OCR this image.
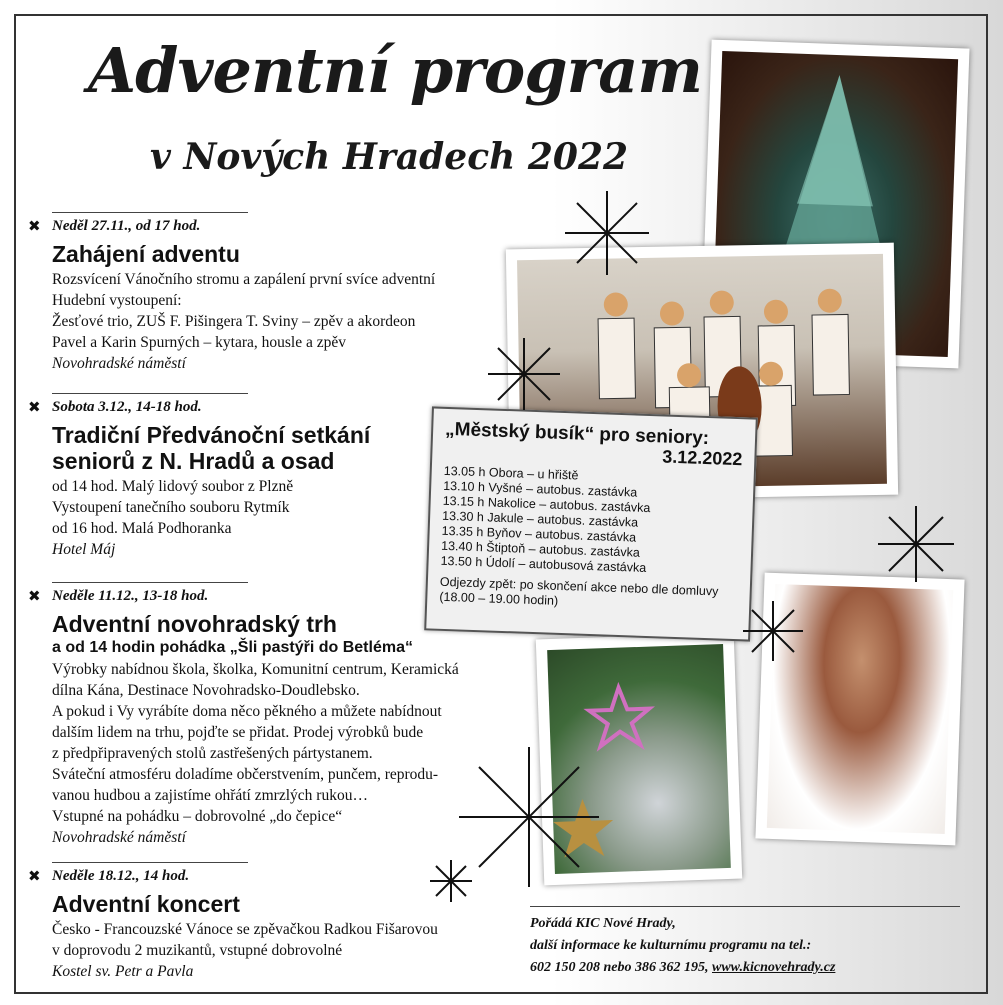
Adventní program
v Nových Hradech 2022
✖ Neděl 27.11., od 17 hod.
Zahájení adventu
Rozsvícení Vánočního stromu a zapálení první svíce adventní
Hudební vystoupení:
Žesťové trio, ZUŠ F. Pišingera T. Sviny – zpěv a akordeon
Pavel a Karin Spurných – kytara, housle a zpěv
Novohradské náměstí
✖ Sobota 3.12., 14-18 hod.
Tradiční Předvánoční setkání
seniorů z N. Hradů a osad
od 14 hod. Malý lidový soubor z Plzně
Vystoupení tanečního souboru Rytmík
od 16 hod. Malá Podhoranka
Hotel Máj
✖ Neděle 11.12., 13-18 hod.
Adventní novohradský trh
a od 14 hodin pohádka „Šli pastýři do Betléma“
Výrobky nabídnou škola, školka, Komunitní centrum, Keramická
dílna Kána, Destinace Novohradsko-Doudlebsko.
A pokud i Vy vyrábíte doma něco pěkného a můžete nabídnout
dalším lidem na trhu, pojďte se přidat. Prodej výrobků bude
z předpřipravených stolů zastřešených pártystanem.
Sváteční atmosféru doladíme občerstvením, punčem, reprodu-
vanou hudbou a zajistíme ohřátí zmrzlých rukou…
Vstupné na pohádku – dobrovolné „do čepice“
Novohradské náměstí
✖ Neděle 18.12., 14 hod.
Adventní koncert
Česko - Francouzské Vánoce se zpěvačkou Radkou Fišarovou
v doprovodu 2 muzikantů, vstupné dobrovolné
Kostel sv. Petr a Pavla
„Městský busík“ pro seniory:
3.12.2022
13.05 h Obora – u hřiště
13.10 h Vyšné – autobus. zastávka
13.15 h Nakolice – autobus. zastávka
13.30 h Jakule – autobus. zastávka
13.35 h Byňov – autobus. zastávka
13.40 h Štiptoň – autobus. zastávka
13.50 h Údolí – autobusová zastávka
Odjezdy zpět: po skončení akce nebo dle domluvy (18.00 – 19.00 hodin)
Pořádá KIC Nové Hrady,
další informace ke kulturnímu programu na tel.:
602 150 208 nebo 386 362 195, www.kicnovehrady.cz
